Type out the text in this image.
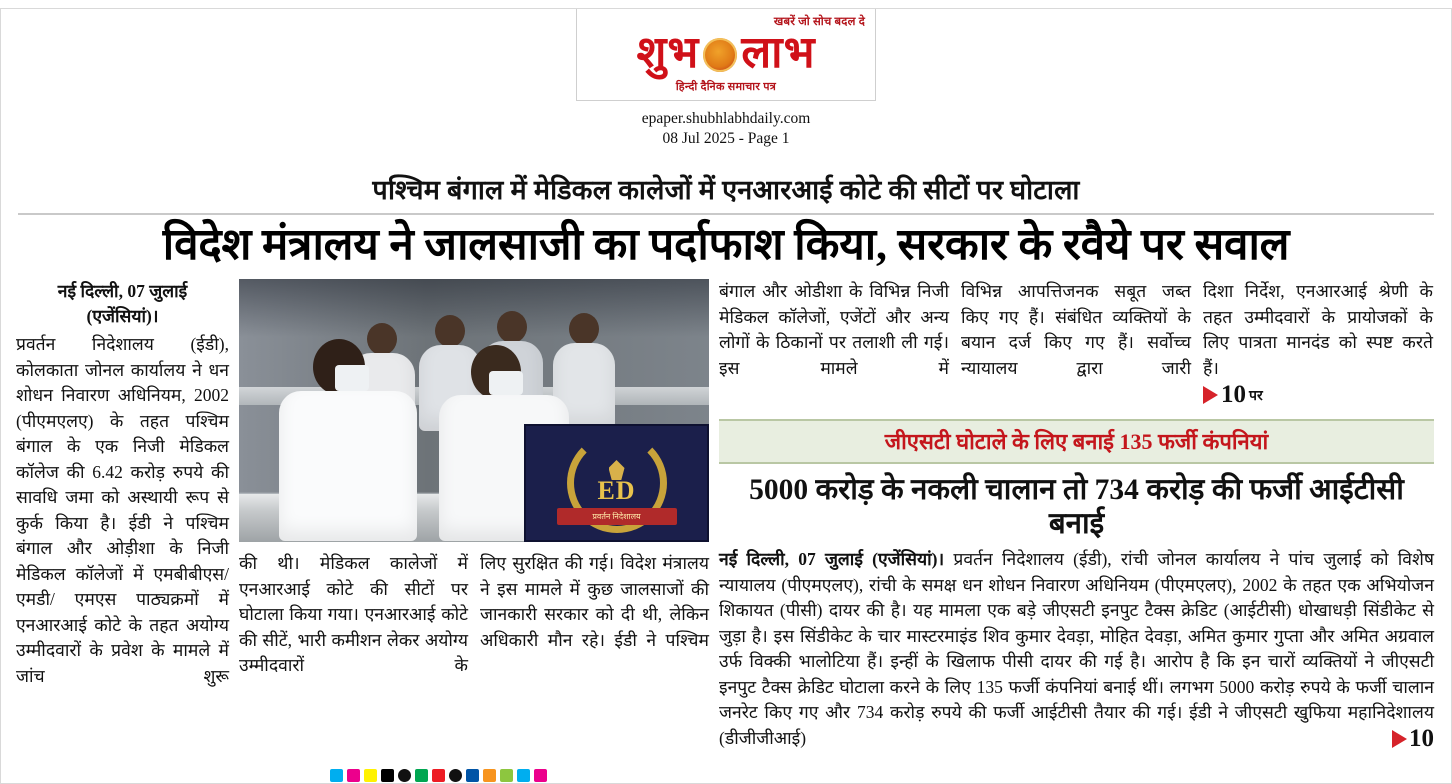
खबरें जो सोच बदल दे
शुभ लाभ
हिन्दी दैनिक समाचार पत्र
epaper.shubhlabhdaily.com
08 Jul 2025 - Page 1
पश्चिम बंगाल में मेडिकल कालेजों में एनआरआई कोटे की सीटों पर घोटाला
विदेश मंत्रालय ने जालसाजी का पर्दाफाश किया, सरकार के रवैये पर सवाल
नई दिल्ली, 07 जुलाई
(एजेंसियां)।

प्रवर्तन निदेशालय (ईडी), कोलकाता जोनल कार्यालय ने धन शोधन निवारण अधिनियम, 2002 (पीएमएलए) के तहत पश्चिम बंगाल के एक निजी मेडिकल कॉलेज की 6.42 करोड़ रुपये की सावधि जमा को अस्थायी रूप से कुर्क किया है। ईडी ने पश्चिम बंगाल और ओड़ीशा के निजी मेडिकल कॉलेजों में एमबीबीएस/ एमडी/ एमएस पाठ्यक्रमों में एनआरआई कोटे के तहत अयोग्य उम्मीदवारों के प्रवेश के मामले में जांच शुरू

ED
प्रवर्तन निदेशालय

की थी। मेडिकल कालेजों में एनआरआई कोटे की सीटों पर घोटाला किया गया। एनआरआई कोटे की सीटें, भारी कमीशन लेकर अयोग्य उम्मीदवारों के

लिए सुरक्षित की गई। विदेश मंत्रालय ने इस मामले में कुछ जालसाजों की जानकारी सरकार को दी थी, लेकिन अधिकारी मौन रहे। ईडी ने पश्चिम

बंगाल और ओडीशा के विभिन्न निजी मेडिकल कॉलेजों, एजेंटों और अन्य लोगों के ठिकानों पर तलाशी ली गई। इस मामले में

विभिन्न आपत्तिजनक सबूत जब्त किए गए हैं। संबंधित व्यक्तियों के बयान दर्ज किए गए हैं। सर्वोच्च न्यायालय द्वारा जारी

दिशा निर्देश, एनआरआई श्रेणी के तहत उम्मीदवारों के प्रायोजकों के लिए पात्रता मानदंड को स्पष्ट करते हैं।

10 पर
जीएसटी घोटाले के लिए बनाई 135 फर्जी कंपनियां
5000 करोड़ के नकली चालान तो 734 करोड़ की फर्जी आईटीसी बनाई
नई दिल्ली, 07 जुलाई (एजेंसियां)। प्रवर्तन निदेशालय (ईडी), रांची जोनल कार्यालय ने पांच जुलाई को विशेष न्यायालय (पीएमएलए), रांची के समक्ष धन शोधन निवारण अधिनियम (पीएमएलए), 2002 के तहत एक अभियोजन शिकायत (पीसी) दायर की है। यह मामला एक बड़े जीएसटी इनपुट टैक्स क्रेडिट (आईटीसी) धोखाधड़ी सिंडीकेट से जुड़ा है। इस सिंडीकेट के चार मास्टरमाइंड शिव कुमार देवड़ा, मोहित देवड़ा, अमित कुमार गुप्ता और अमित अग्रवाल उर्फ विक्की भालोटिया हैं। इन्हीं के खिलाफ पीसी दायर की गई है। आरोप है कि इन चारों व्यक्तियों ने जीएसटी इनपुट टैक्स क्रेडिट घोटाला करने के लिए 135 फर्जी कंपनियां बनाई थीं। लगभग 5000 करोड़ रुपये के फर्जी चालान जनरेट किए गए और 734 करोड़ रुपये की फर्जी आईटीसी तैयार की गई। ईडी ने जीएसटी खुफिया महानिदेशालय (डीजीजीआई)	10
